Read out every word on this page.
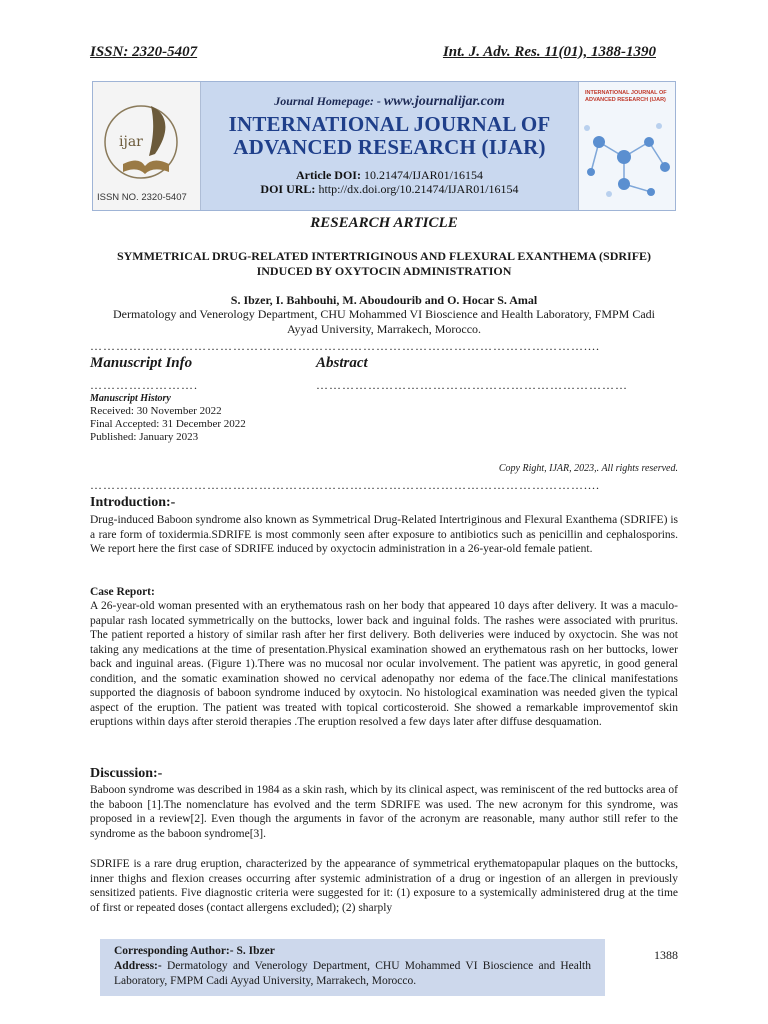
ISSN: 2320-5407	Int. J. Adv. Res. 11(01), 1388-1390
ijar
ISSN NO. 2320-5407
Journal Homepage: - www.journalijar.com
INTERNATIONAL JOURNAL OF
ADVANCED RESEARCH (IJAR)
Article DOI: 10.21474/IJAR01/16154
DOI URL: http://dx.doi.org/10.21474/IJAR01/16154
INTERNATIONAL JOURNAL OF ADVANCED RESEARCH (IJAR)
RESEARCH ARTICLE
SYMMETRICAL DRUG-RELATED INTERTRIGINOUS AND FLEXURAL EXANTHEMA (SDRIFE)
INDUCED BY OXYTOCIN ADMINISTRATION
S. Ibzer, I. Bahbouhi, M. Aboudourib and O. Hocar S. Amal
Dermatology and Venerology Department, CHU Mohammed VI Bioscience and Health Laboratory, FMPM Cadi Ayyad University, Marrakech, Morocco.
……………………………………………………………………………………………………....
Manuscript Info	Abstract
…………………….	………………………………………………………………
Manuscript History
Received: 30 November 2022
Final Accepted: 31 December 2022
Published: January 2023
Copy Right, IJAR, 2023,. All rights reserved.
……………………………………………………………………………………………………....
Introduction:-
Drug-induced Baboon syndrome also known as Symmetrical Drug-Related Intertriginous and Flexural Exanthema (SDRIFE) is a rare form of toxidermia.SDRIFE is most commonly seen after exposure to antibiotics such as penicillin and cephalosporins. We report here the first case of SDRIFE induced by oxyctocin administration in a 26-year-old female patient.
Case Report:
A 26-year-old woman presented with an erythematous rash on her body that appeared 10 days after delivery. It was a maculo-papular rash located symmetrically on the buttocks, lower back and inguinal folds. The rashes were associated with pruritus. The patient reported a history of similar rash after her first delivery. Both deliveries were induced by oxyctocin. She was not taking any medications at the time of presentation.Physical examination showed an erythematous rash on her buttocks, lower back and inguinal areas. (Figure 1).There was no mucosal nor ocular involvement. The patient was apyretic, in good general condition, and the somatic examination showed no cervical adenopathy nor edema of the face.The clinical manifestations supported the diagnosis of baboon syndrome induced by oxytocin. No histological examination was needed given the typical aspect of the eruption. The patient was treated with topical corticosteroid. She showed a remarkable improvementof skin eruptions within days after steroid therapies .The eruption resolved a few days later after diffuse desquamation.
Discussion:-
Baboon syndrome was described in 1984 as a skin rash, which by its clinical aspect, was reminiscent of the red buttocks area of the baboon [1].The nomenclature has evolved and the term SDRIFE was used. The new acronym for this syndrome, was proposed in a review[2]. Even though the arguments in favor of the acronym are reasonable, many author still refer to the syndrome as the baboon syndrome[3].
SDRIFE is a rare drug eruption, characterized by the appearance of symmetrical erythematopapular plaques on the buttocks, inner thighs and flexion creases occurring after systemic administration of a drug or ingestion of an allergen in previously sensitized patients. Five diagnostic criteria were suggested for it: (1) exposure to a systemically administered drug at the time of first or repeated doses (contact allergens excluded); (2) sharply
Corresponding Author:- S. Ibzer
Address:- Dermatology and Venerology Department, CHU Mohammed VI Bioscience and Health Laboratory, FMPM Cadi Ayyad University, Marrakech, Morocco.
1388
